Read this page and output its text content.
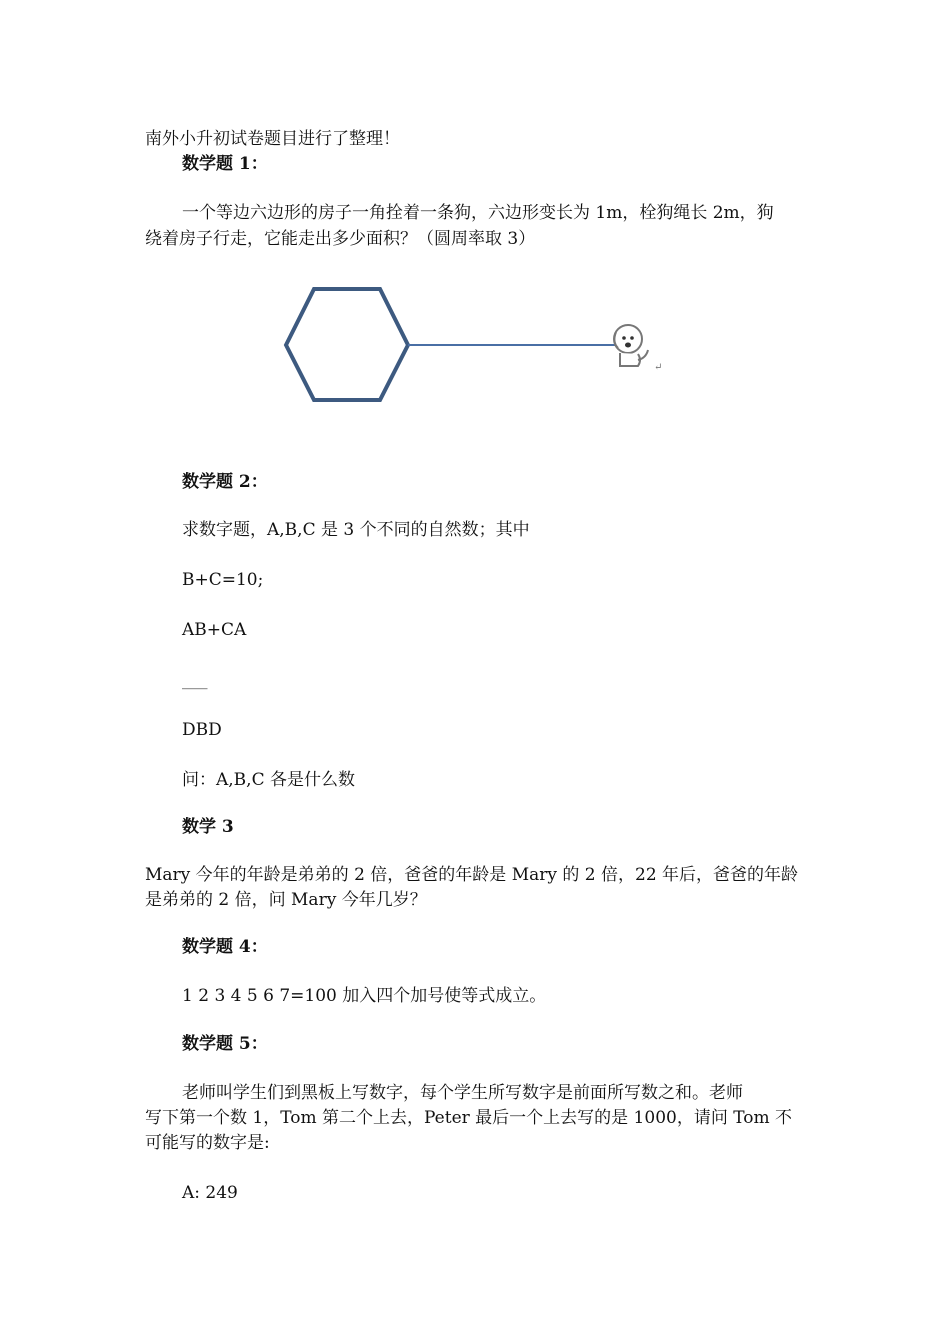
南外小升初试卷题目进行了整理！
数学题 1：
一个等边六边形的房子一角拴着一条狗，六边形变长为 1m，栓狗绳长 2m，狗
绕着房子行走，它能走出多少面积？（圆周率取 3）
↵
数学题 2：
求数字题，A,B,C 是 3 个不同的自然数；其中
B+C=10;
AB+CA
___
DBD
问：A,B,C 各是什么数
数学 3
Mary 今年的年龄是弟弟的 2 倍，爸爸的年龄是 Mary 的 2 倍，22 年后，爸爸的年龄
是弟弟的 2 倍，问 Mary 今年几岁？
数学题 4：
1 2 3 4 5 6 7=100 加入四个加号使等式成立。
数学题 5：
老师叫学生们到黑板上写数字，每个学生所写数字是前面所写数之和。老师
写下第一个数 1，Tom 第二个上去，Peter 最后一个上去写的是 1000，请问 Tom 不
可能写的数字是:
A: 249
